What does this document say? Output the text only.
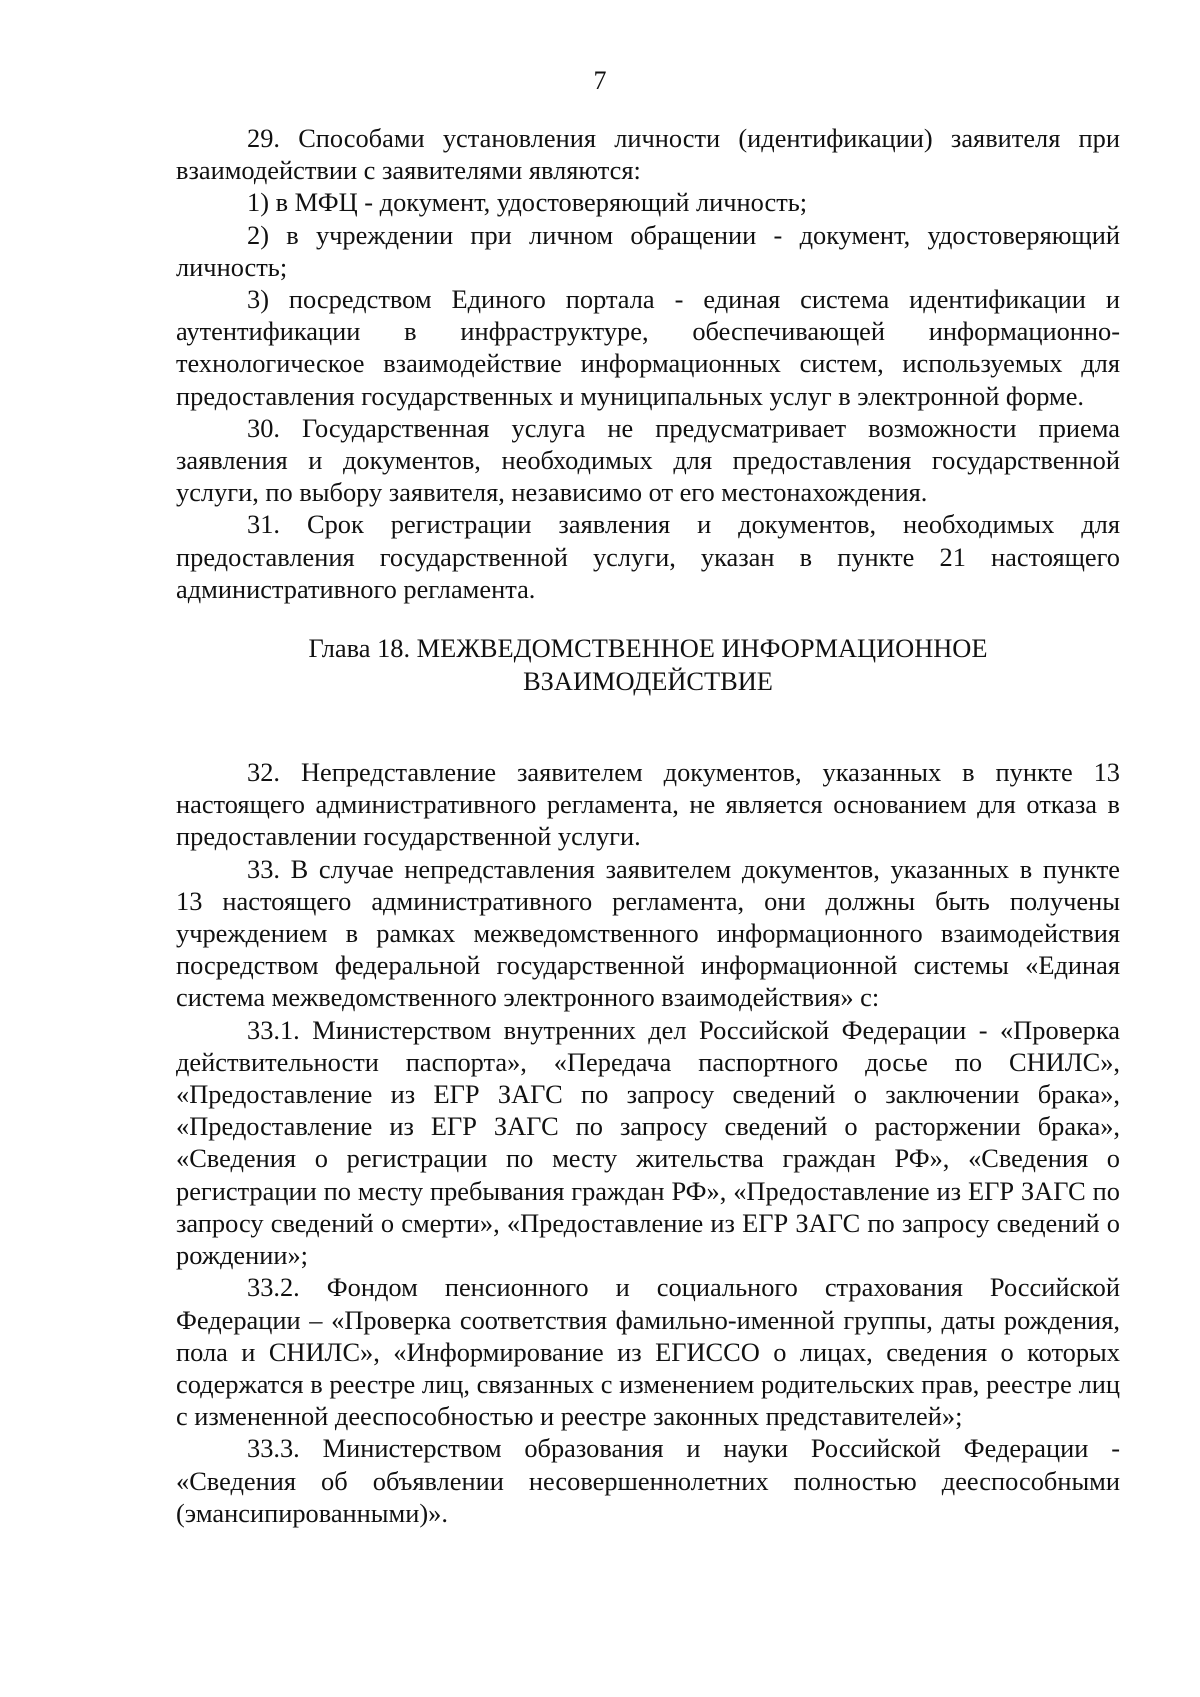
7

29. Способами установления личности (идентификации) заявителя при взаимодействии с заявителями являются:

1) в МФЦ - документ, удостоверяющий личность;

2) в учреждении при личном обращении - документ, удостоверяющий личность;

3) посредством Единого портала - единая система идентификации и аутентификации в инфраструктуре, обеспечивающей информационно-технологическое взаимодействие информационных систем, используемых для предоставления государственных и муниципальных услуг в электронной форме.

30. Государственная услуга не предусматривает возможности приема заявления и документов, необходимых для предоставления государственной услуги, по выбору заявителя, независимо от его местонахождения.

31. Срок регистрации заявления и документов, необходимых для предоставления государственной услуги, указан в пункте 21 настоящего административного регламента.

Глава 18. МЕЖВЕДОМСТВЕННОЕ ИНФОРМАЦИОННОЕ
ВЗАИМОДЕЙСТВИЕ

32. Непредставление заявителем документов, указанных в пункте 13 настоящего административного регламента, не является основанием для отказа в предоставлении государственной услуги.

33. В случае непредставления заявителем документов, указанных в пункте 13 настоящего административного регламента, они должны быть получены учреждением в рамках межведомственного информационного взаимодействия посредством федеральной государственной информационной системы «Единая система межведомственного электронного взаимодействия» с:

33.1. Министерством внутренних дел Российской Федерации - «Проверка действительности паспорта», «Передача паспортного досье по СНИЛС», «Предоставление из ЕГР ЗАГС по запросу сведений о заключении брака», «Предоставление из ЕГР ЗАГС по запросу сведений о расторжении брака», «Сведения о регистрации по месту жительства граждан РФ», «Сведения о регистрации по месту пребывания граждан РФ», «Предоставление из ЕГР ЗАГС по запросу сведений о смерти», «Предоставление из ЕГР ЗАГС по запросу сведений о рождении»;

33.2. Фондом пенсионного и социального страхования Российской Федерации – «Проверка соответствия фамильно-именной группы, даты рождения, пола и СНИЛС», «Информирование из ЕГИССО о лицах, сведения о которых содержатся в реестре лиц, связанных с изменением родительских прав, реестре лиц с измененной дееспособностью и реестре законных представителей»;

33.3. Министерством образования и науки Российской Федерации - «Сведения об объявлении несовершеннолетних полностью дееспособными (эмансипированными)».
